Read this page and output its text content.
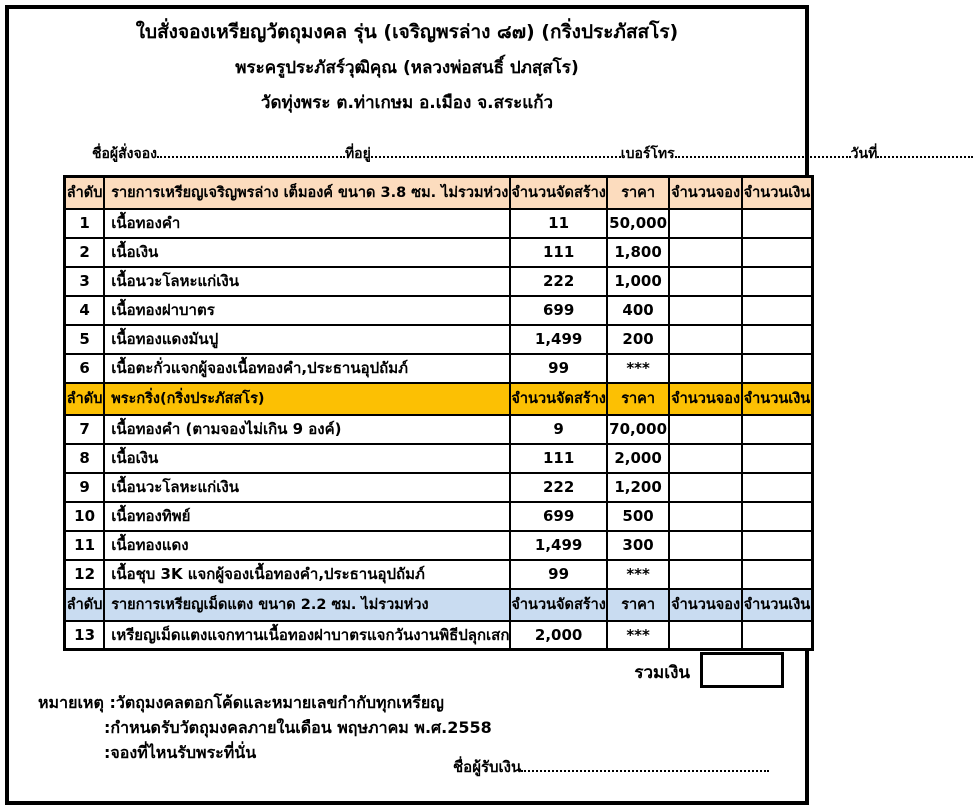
ใบสั่งจองเหรียญวัตถุมงคล รุ่น (เจริญพรล่าง ๘๗) (กริ่งประภัสสโร)
พระครูประภัสร์วุฒิคุณ (หลวงพ่อสนธิ์ ปภสฺสโร)
วัดทุ่งพระ ต.ท่าเกษม อ.เมือง จ.สระแก้ว
ชื่อผู้สั่งจอง	ที่อยู่	เบอร์โทร	วันที่
ลำดับ	รายการเหรียญเจริญพรล่าง เต็มองค์ ขนาด 3.8 ซม. ไม่รวมห่วง	จำนวนจัดสร้าง	ราคา	จำนวนจอง	จำนวนเงิน
1	เนื้อทองคำ	11	50,000		
2	เนื้อเงิน	111	1,800		
3	เนื้อนวะโลหะแก่เงิน	222	1,000		
4	เนื้อทองฝาบาตร	699	400		
5	เนื้อทองแดงมันปู	1,499	200		
6	เนื้อตะกั่วแจกผู้จองเนื้อทองคำ,ประธานอุปถัมภ์	99	***		
ลำดับ	พระกริ่ง(กริ่งประภัสสโร)	จำนวนจัดสร้าง	ราคา	จำนวนจอง	จำนวนเงิน
7	เนื้อทองคำ (ตามจองไม่เกิน 9 องค์)	9	70,000		
8	เนื้อเงิน	111	2,000		
9	เนื้อนวะโลหะแก่เงิน	222	1,200		
10	เนื้อทองทิพย์	699	500		
11	เนื้อทองแดง	1,499	300		
12	เนื้อชุบ 3K แจกผู้จองเนื้อทองคำ,ประธานอุปถัมภ์	99	***		
ลำดับ	รายการเหรียญเม็ดแตง ขนาด 2.2 ซม. ไม่รวมห่วง	จำนวนจัดสร้าง	ราคา	จำนวนจอง	จำนวนเงิน
13	เหรียญเม็ดแตงแจกทานเนื้อทองฝาบาตรแจกวันงานพิธีปลุกเสก	2,000	***		
รวมเงิน
หมายเหตุ :วัตถุมงคลตอกโค้ดและหมายเลขกำกับทุกเหรียญ
:กำหนดรับวัตถุมงคลภายในเดือน พฤษภาคม พ.ศ.2558
:จองที่ไหนรับพระที่นั่น
ชื่อผู้รับเงิน
